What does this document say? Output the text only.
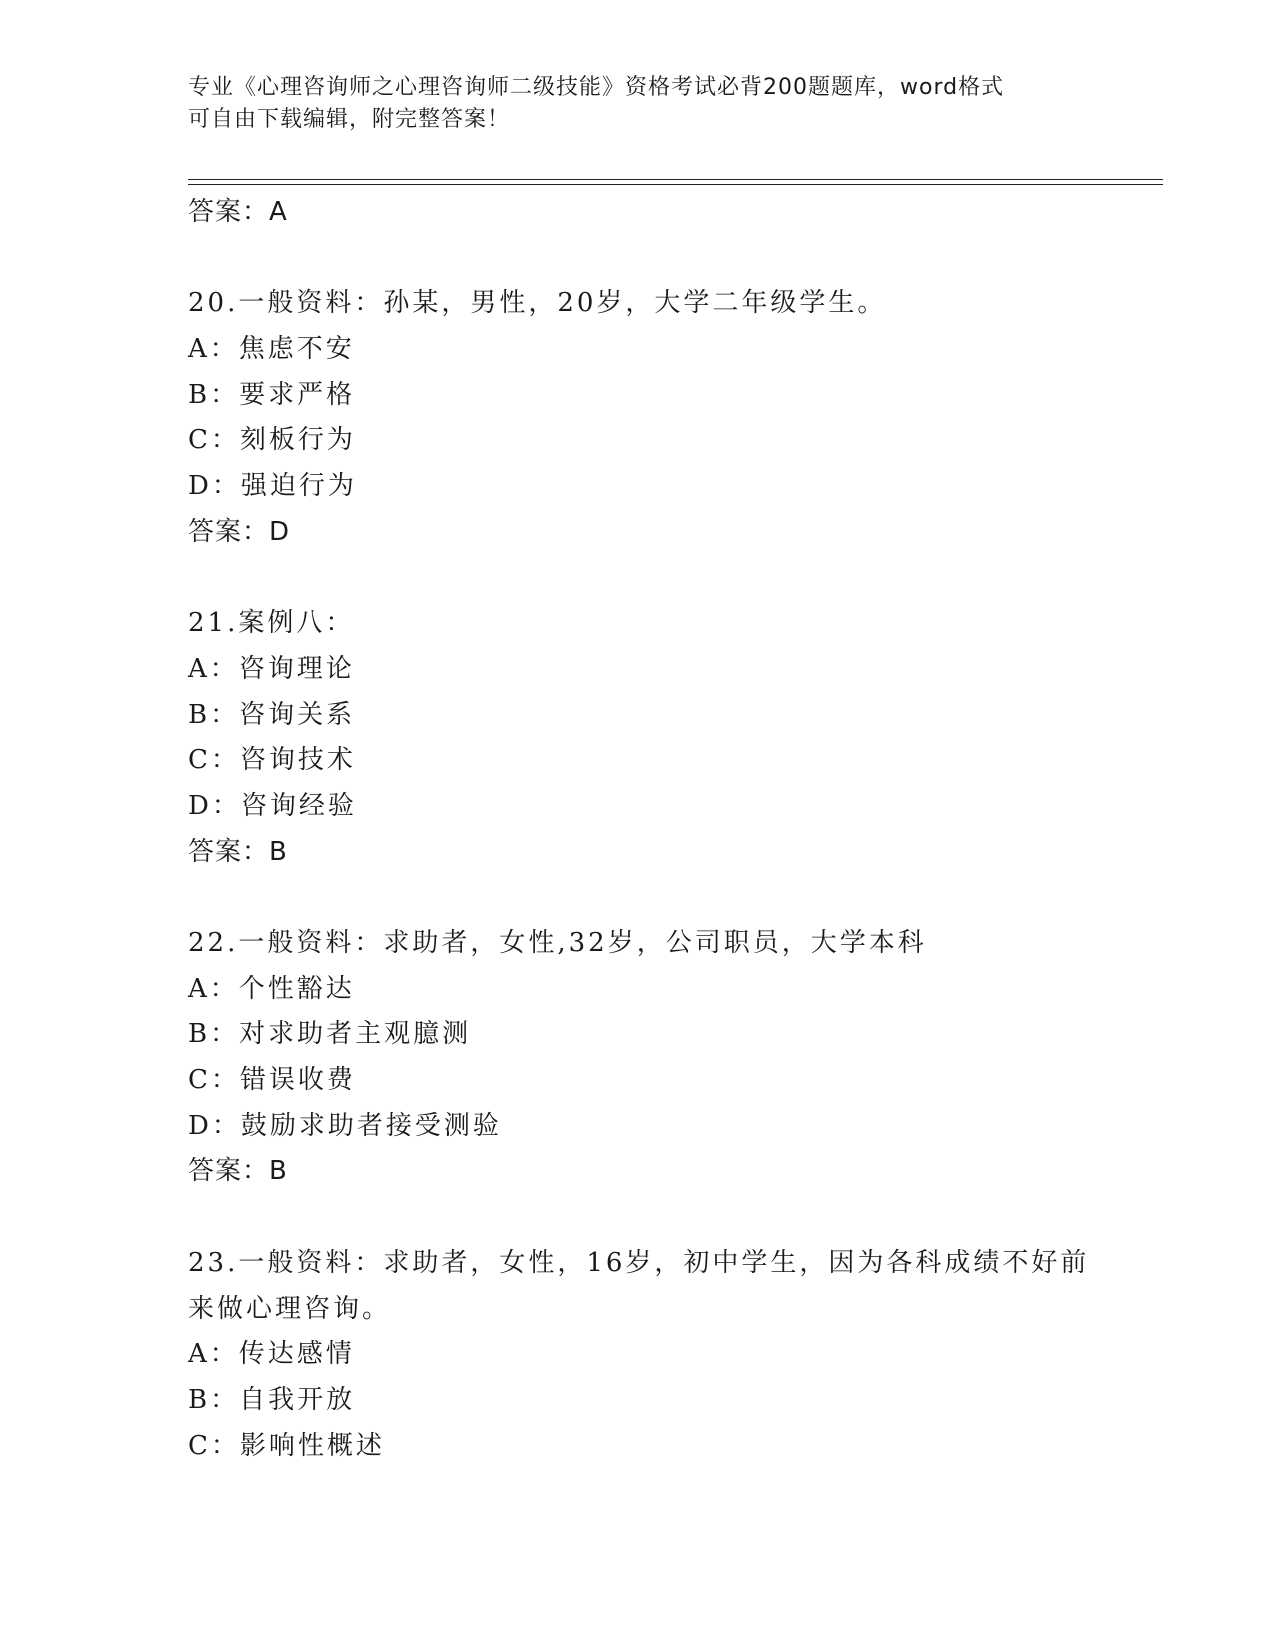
专业《心理咨询师之心理咨询师二级技能》资格考试必背200题题库，word格式
可自由下载编辑，附完整答案！
答案：A
20.一般资料：孙某，男性，20岁，大学二年级学生。
A：焦虑不安
B：要求严格
C：刻板行为
D：强迫行为
答案：D
21.案例八：
A：咨询理论
B：咨询关系
C：咨询技术
D：咨询经验
答案：B
22.一般资料：求助者，女性,32岁，公司职员，大学本科
A：个性豁达
B：对求助者主观臆测
C：错误收费
D：鼓励求助者接受测验
答案：B
23.一般资料：求助者，女性，16岁，初中学生，因为各科成绩不好前
来做心理咨询。
A：传达感情
B：自我开放
C：影响性概述
